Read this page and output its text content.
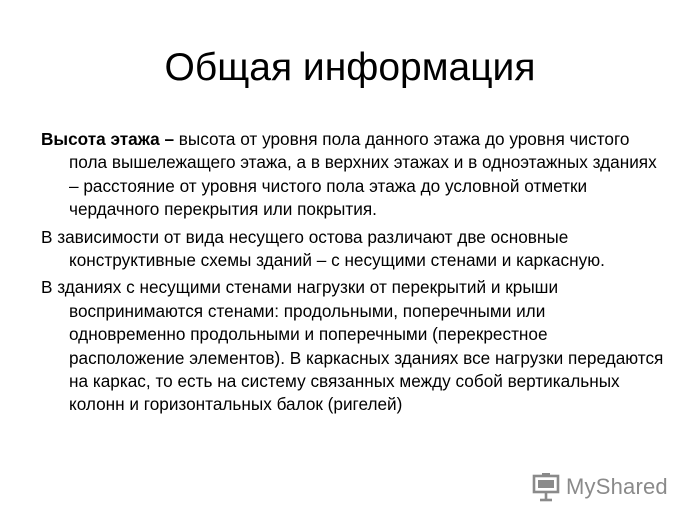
Общая информация

Высота этажа – высота от уровня пола данного этажа до уровня чистого пола вышележащего этажа, а в верхних этажах и в одноэтажных зданиях – расстояние от уровня чистого пола этажа до условной отметки чердачного перекрытия или покрытия.

В зависимости от вида несущего остова различают две основные конструктивные схемы зданий – с несущими стенами и каркасную.

В зданиях с несущими стенами нагрузки от перекрытий и крыши воспринимаются стенами: продольными, поперечными или одновременно продольными и поперечными (перекрестное расположение элементов). В каркасных зданиях все нагрузки передаются на каркас, то есть на систему связанных между собой вертикальных колонн и горизонтальных балок (ригелей)

MyShared
